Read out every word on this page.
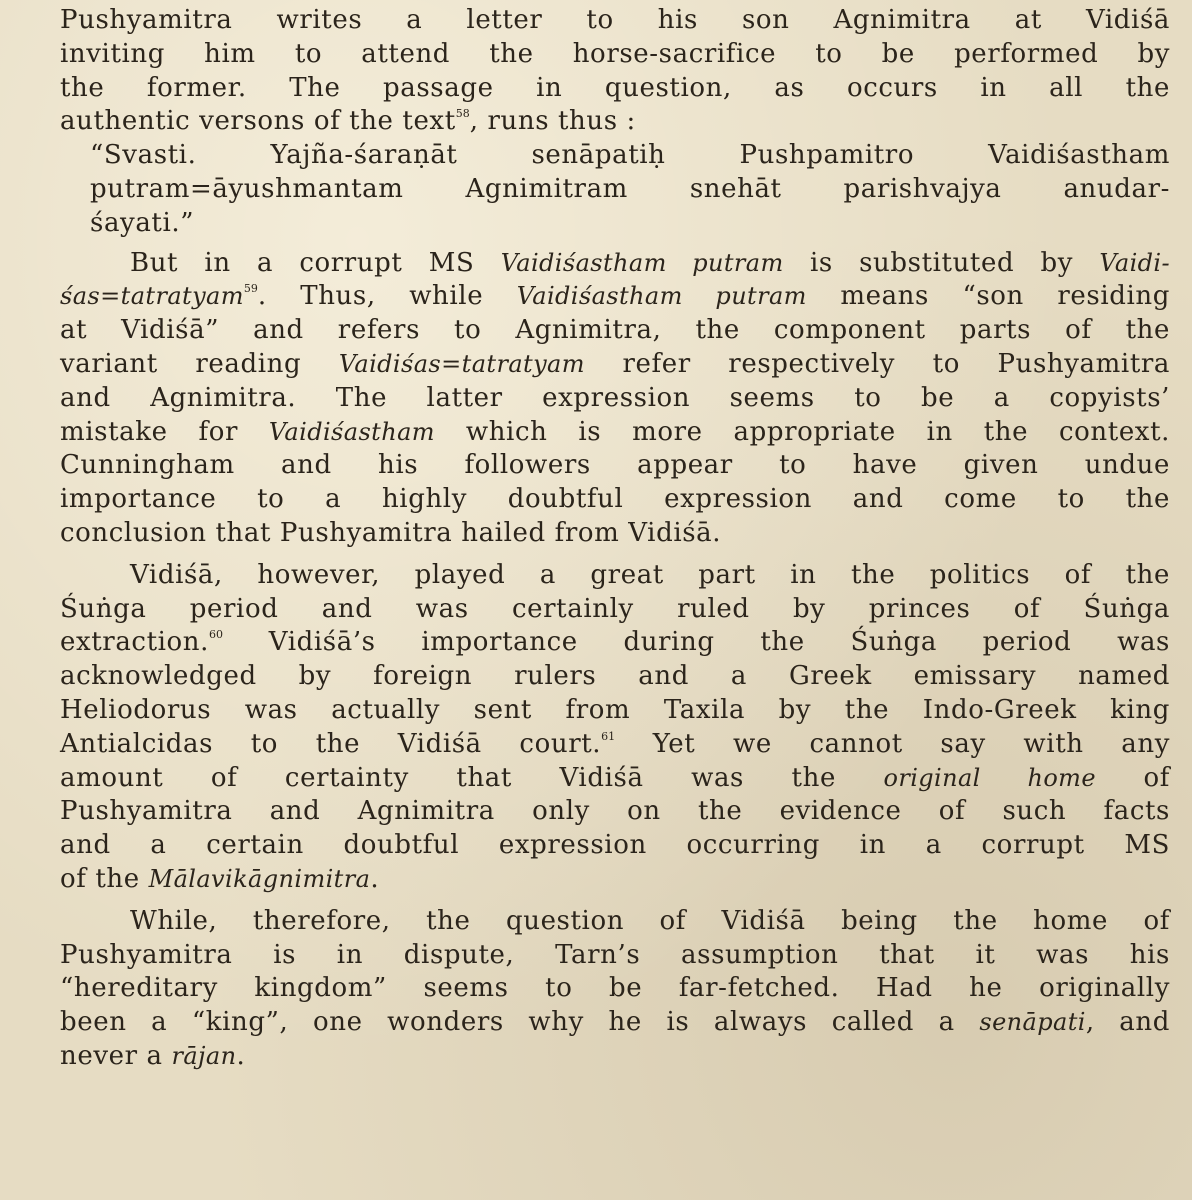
Pushyamitra writes a letter to his son Agnimitra at Vidiśā
inviting him to attend the horse-sacrifice to be performed by
the former. The passage in question, as occurs in all the
authentic versons of the text$^{58}$, runs thus :
“Svasti. Yajña-śaraṇāt senāpatiḥ Pushpamitro Vaidiśastham
putram=āyushmantam Agnimitram snehāt parishvajya anudar-
śayati.”
But in a corrupt MS Vaidiśastham putram is substituted by Vaidi-
śas=tatratyam$^{59}$. Thus, while Vaidiśastham putram means “son residing
at Vidiśā” and refers to Agnimitra, the component parts of the
variant reading Vaidiśas=tatratyam refer respectively to Pushyamitra
and Agnimitra. The latter expression seems to be a copyists’
mistake for Vaidiśastham which is more appropriate in the context.
Cunningham and his followers appear to have given undue
importance to a highly doubtful expression and come to the
conclusion that Pushyamitra hailed from Vidiśā.
Vidiśā, however, played a great part in the politics of the
Śuṅga period and was certainly ruled by princes of Śuṅga
extraction.$^{60}$ Vidiśā’s importance during the Śuṅga period was
acknowledged by foreign rulers and a Greek emissary named
Heliodorus was actually sent from Taxila by the Indo-Greek king
Antialcidas to the Vidiśā court.$^{61}$ Yet we cannot say with any
amount of certainty that Vidiśā was the original home of
Pushyamitra and Agnimitra only on the evidence of such facts
and a certain doubtful expression occurring in a corrupt MS
of the Mālavikāgnimitra.
While, therefore, the question of Vidiśā being the home of
Pushyamitra is in dispute, Tarn’s assumption that it was his
“hereditary kingdom” seems to be far-fetched. Had he originally
been a “king”, one wonders why he is always called a senāpati, and
never a rājan.
